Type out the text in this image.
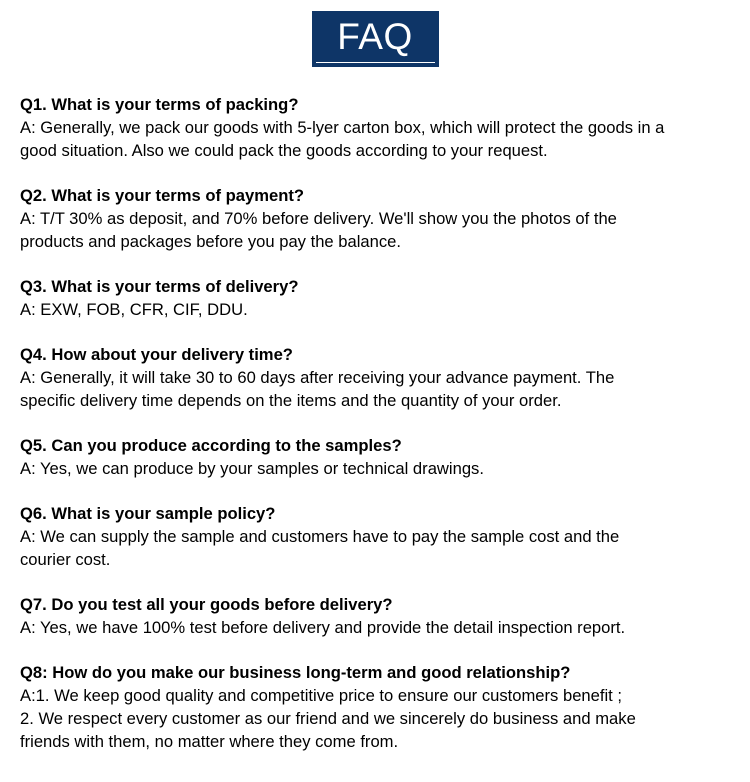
FAQ

Q1. What is your terms of packing?

A: Generally, we pack our goods with 5-lyer carton box, which will protect the goods in a
good situation. Also we could pack the goods according to your request.

Q2. What is your terms of payment?

A: T/T 30% as deposit, and 70% before delivery. We'll show you the photos of the
products and packages before you pay the balance.

Q3. What is your terms of delivery?

A: EXW, FOB, CFR, CIF, DDU.

Q4. How about your delivery time?

A: Generally, it will take 30 to 60 days after receiving your advance payment. The
specific delivery time depends on the items and the quantity of your order.

Q5. Can you produce according to the samples?

A: Yes, we can produce by your samples or technical drawings.

Q6. What is your sample policy?

A: We can supply the sample and customers have to pay the sample cost and the
courier cost.

Q7. Do you test all your goods before delivery?

A: Yes, we have 100% test before delivery and provide the detail inspection report.

Q8: How do you make our business long-term and good relationship?

A:1. We keep good quality and competitive price to ensure our customers benefit ;
2. We respect every customer as our friend and we sincerely do business and make
friends with them, no matter where they come from.
